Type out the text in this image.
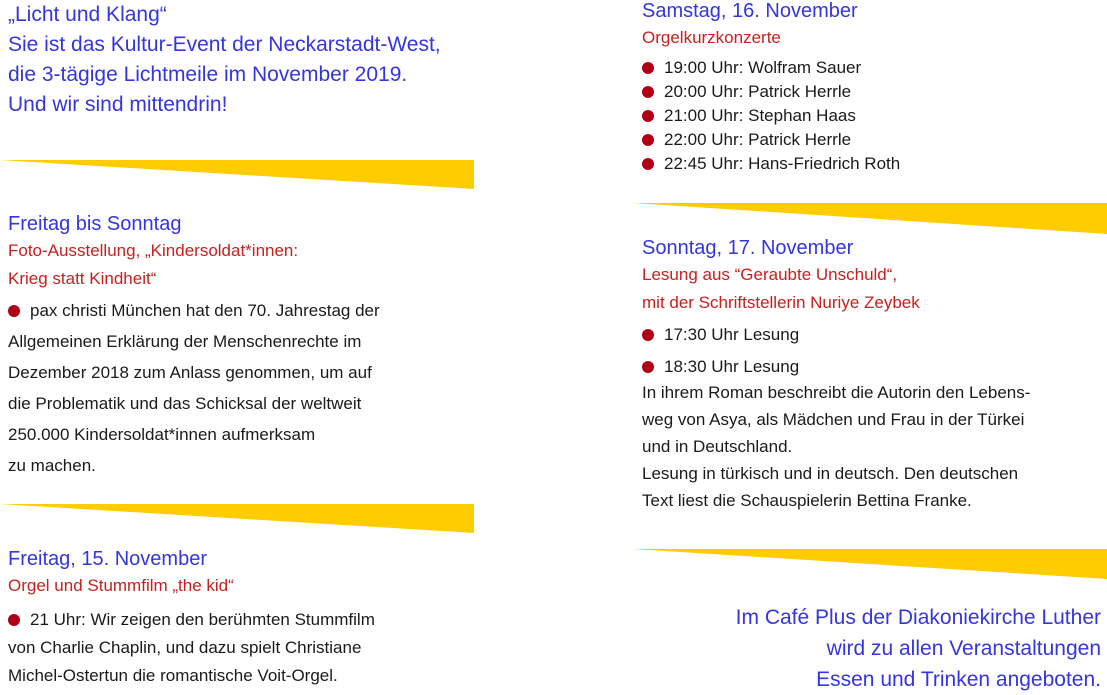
„Licht und Klang“
Sie ist das Kultur-Event der Neckarstadt-West,
die 3-tägige Lichtmeile im November 2019.
Und wir sind mittendrin!
Freitag bis Sonntag
Foto-Ausstellung, „Kindersoldat*innen:
Krieg statt Kindheit“
pax christi München hat den 70. Jahrestag der
Allgemeinen Erklärung der Menschenrechte im
Dezember 2018 zum Anlass genommen, um auf
die Problematik und das Schicksal der weltweit
250.000 Kindersoldat*innen aufmerksam
zu machen.
Freitag, 15. November
Orgel und Stummfilm „the kid“
21 Uhr: Wir zeigen den berühmten Stummfilm
von Charlie Chaplin, und dazu spielt Christiane
Michel-Ostertun die romantische Voit-Orgel.
Samstag, 16. November
Orgelkurzkonzerte
19:00 Uhr: Wolfram Sauer
20:00 Uhr: Patrick Herrle
21:00 Uhr: Stephan Haas
22:00 Uhr: Patrick Herrle
22:45 Uhr: Hans-Friedrich Roth
Sonntag, 17. November
Lesung aus “Geraubte Unschuld“,
mit der Schriftstellerin Nuriye Zeybek
17:30 Uhr Lesung
18:30 Uhr Lesung
In ihrem Roman beschreibt die Autorin den Lebens-
weg von Asya, als Mädchen und Frau in der Türkei
und in Deutschland.
Lesung in türkisch und in deutsch. Den deutschen
Text liest die Schauspielerin Bettina Franke.
Im Café Plus der Diakoniekirche Luther
wird zu allen Veranstaltungen
Essen und Trinken angeboten.
